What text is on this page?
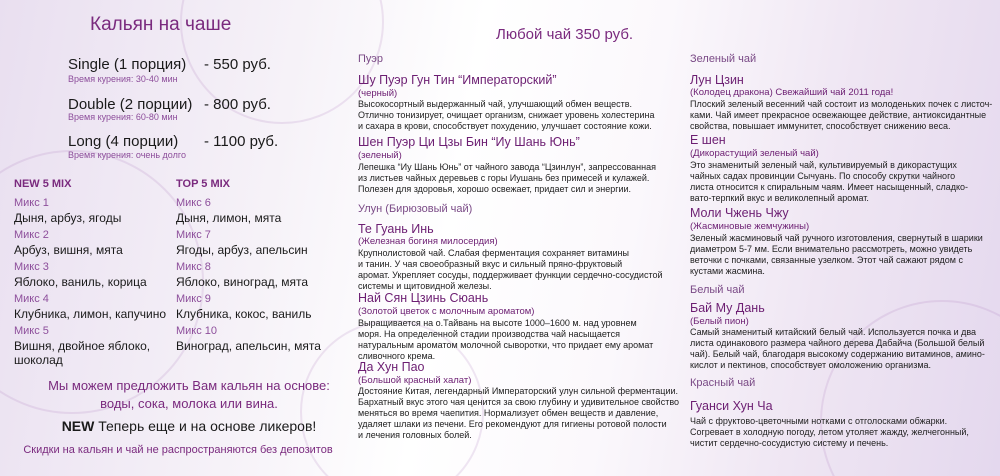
Кальян на чаше
Single (1 порция) - 550 руб.
Время курения: 30-40 мин
Double (2 порции) - 800 руб.
Время курения: 60-80 мин
Long (4 порции) - 1100 руб.
Время курения: очень долго
NEW 5 MIX	TOP 5 MIX
Микс 1
Дыня, арбуз, ягоды
Микс 2
Арбуз, вишня, мята
Микс 3
Яблоко, ваниль, корица
Микс 4
Клубника, лимон, капучино
Микс 5
Вишня, двойное яблоко,
шоколад
Микс 6
Дыня, лимон, мята
Микс 7
Ягоды, арбуз, апельсин
Микс 8
Яблоко, виноград, мята
Микс 9
Клубника, кокос, ваниль
Микс 10
Виноград, апельсин, мята
Мы можем предложить Вам кальян на основе:
воды, сока, молока или вина.
NEW Теперь еще и на основе ликеров!
Скидки на кальян и чай не распространяются без депозитов
Любой чай 350 руб.
Пуэр
Шу Пуэр Гун Тин “Императорский”
(черный)
Высокосортный выдержанный чай, улучшающий обмен веществ.
Отлично тонизирует, очищает организм, снижает уровень холестерина
и сахара в крови, способствует похудению, улучшает состояние кожи.
Шен Пуэр Ци Цзы Бин “Иу Шань Юнь”
(зеленый)
Лепешка “Иу Шань Юнь” от чайного завода “Цзинлун”, запрессованная
из листьев чайных деревьев с горы Иушань без примесей и кулажей.
Полезен для здоровья, хорошо освежает, придает сил и энергии.
Улун (Бирюзовый чай)
Те Гуань Инь
(Железная богиня милосердия)
Крупнолистовой чай. Слабая ферментация сохраняет витамины
и танин. У чая своеобразный вкус и сильный пряно-фруктовый
аромат. Укрепляет сосуды, поддерживает функции сердечно-сосудистой
системы и щитовидной железы.
Най Сян Цзинь Сюань
(Золотой цветок с молочным ароматом)
Выращивается на о.Тайвань на высоте 1000–1600 м. над уровнем
моря. На определенной стадии производства чай насыщается
натуральным ароматом молочной сыворотки, что придает ему аромат
сливочного крема.
Да Хун Пао
(Большой красный халат)
Достояние Китая, легендарный Императорский улун сильной ферментации.
Бархатный вкус этого чая ценится за свою глубину и удивительное свойство
меняться во время чаепития. Нормализует обмен веществ и давление,
удаляет шлаки из печени. Его рекомендуют для гигиены ротовой полости
и лечения головных болей.
Зеленый чай
Лун Цзин
(Колодец дракона) Свежайший чай 2011 года!
Плоский зеленый весенний чай состоит из молоденьких почек с листоч-
ками. Чай имеет прекрасное освежающее действие, антиоксидантные
свойства, повышает иммунитет, способствует снижению веса.
Е шен
(Дикорастущий зеленый чай)
Это знаменитый зеленый чай, культивируемый в дикорастущих
чайных садах провинции Сычуань. По способу скрутки чайного
листа относится к спиральным чаям. Имеет насыщенный, сладко-
вато-терпкий вкус и великолепный аромат.
Моли Чжень Чжу
(Жасминовые жемчужины)
Зеленый жасминовый чай ручного изготовления, свернутый в шарики
диаметром 5-7 мм. Если внимательно рассмотреть, можно увидеть
веточки с почками, связанные узелком. Этот чай сажают рядом с
кустами жасмина.
Белый чай
Бай Му Дань
(Белый пион)
Самый знаменитый китайский белый чай. Используется почка и два
листа одинакового размера чайного дерева Дабайча (Большой белый
чай). Белый чай, благодаря высокому содержанию витаминов, амино-
кислот и пектинов, способствует омоложению организма.
Красный чай
Гуанси Хун Ча
Чай с фруктово-цветочными нотками с отголосками обжарки.
Согревает в холодную погоду, летом утоляет жажду, желчегонный,
чистит сердечно-сосудистую систему и печень.
